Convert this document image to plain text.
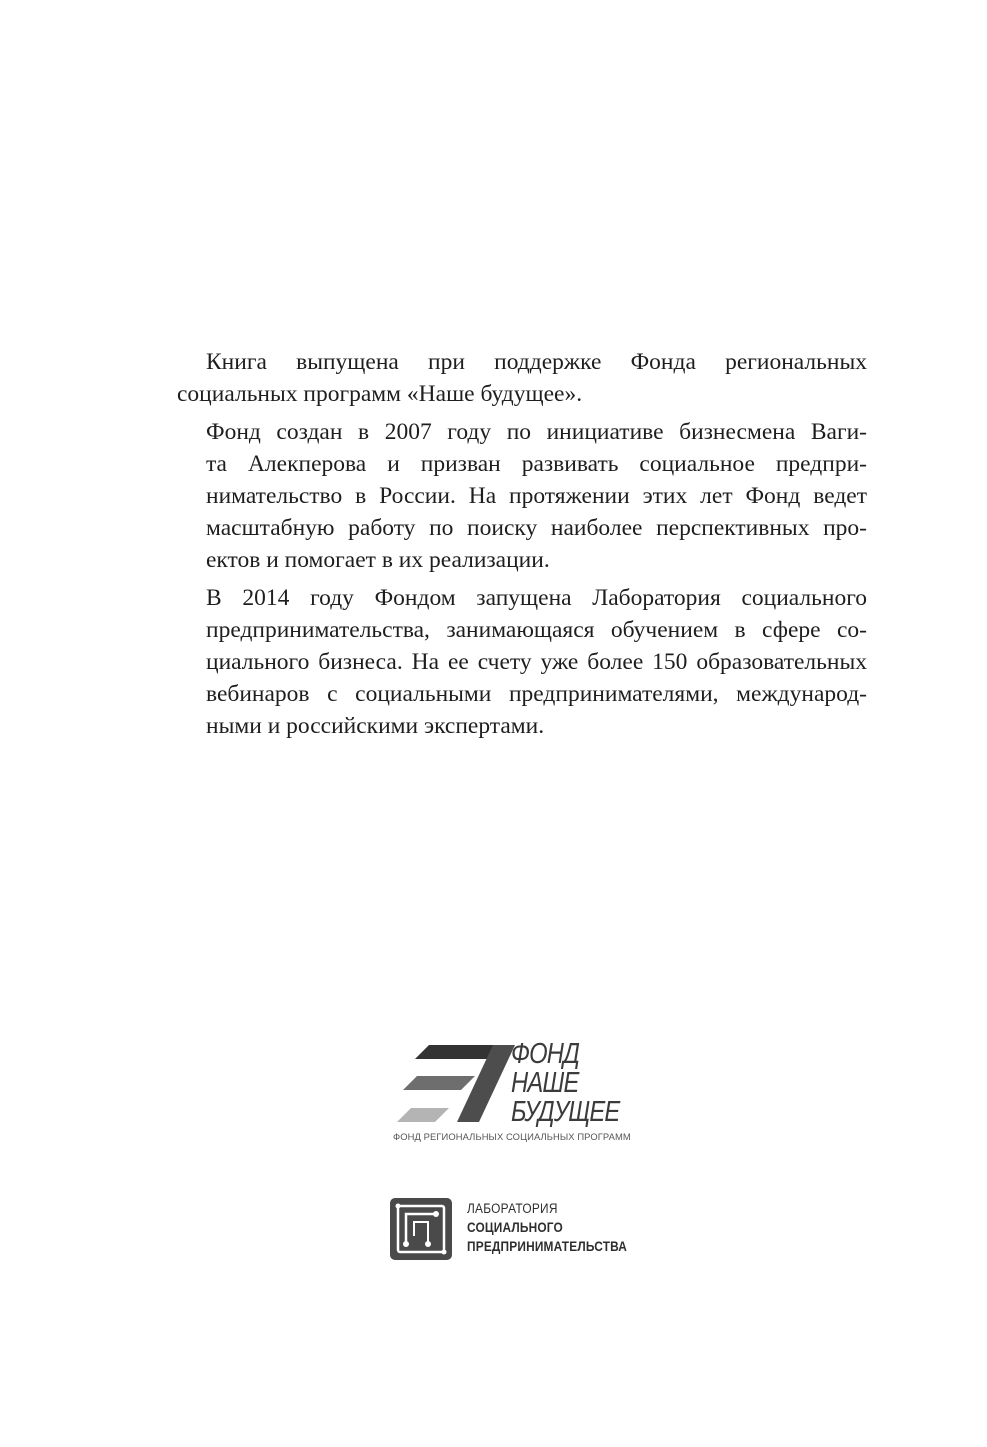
Книга выпущена при поддержке Фонда региональных
социальных программ «Наше будущее».

Фонд создан в 2007 году по инициативе бизнесмена Ваги-
та Алекперова и призван развивать социальное предпри-
нимательство в России. На протяжении этих лет Фонд ведет
масштабную работу по поиску наиболее перспективных про-
ектов и помогает в их реализации.

В 2014 году Фондом запущена Лаборатория социального
предпринимательства, занимающаяся обучением в сфере со-
циального бизнеса. На ее счету уже более 150 образовательных
вебинаров с социальными предпринимателями, международ-
ными и российскими экспертами.

ФОНД
НАШЕ
БУДУЩЕЕ
ФОНД РЕГИОНАЛЬНЫХ СОЦИАЛЬНЫХ ПРОГРАММ
ЛАБОРАТОРИЯ
СОЦИАЛЬНОГО
ПРЕДПРИНИМАТЕЛЬСТВА
